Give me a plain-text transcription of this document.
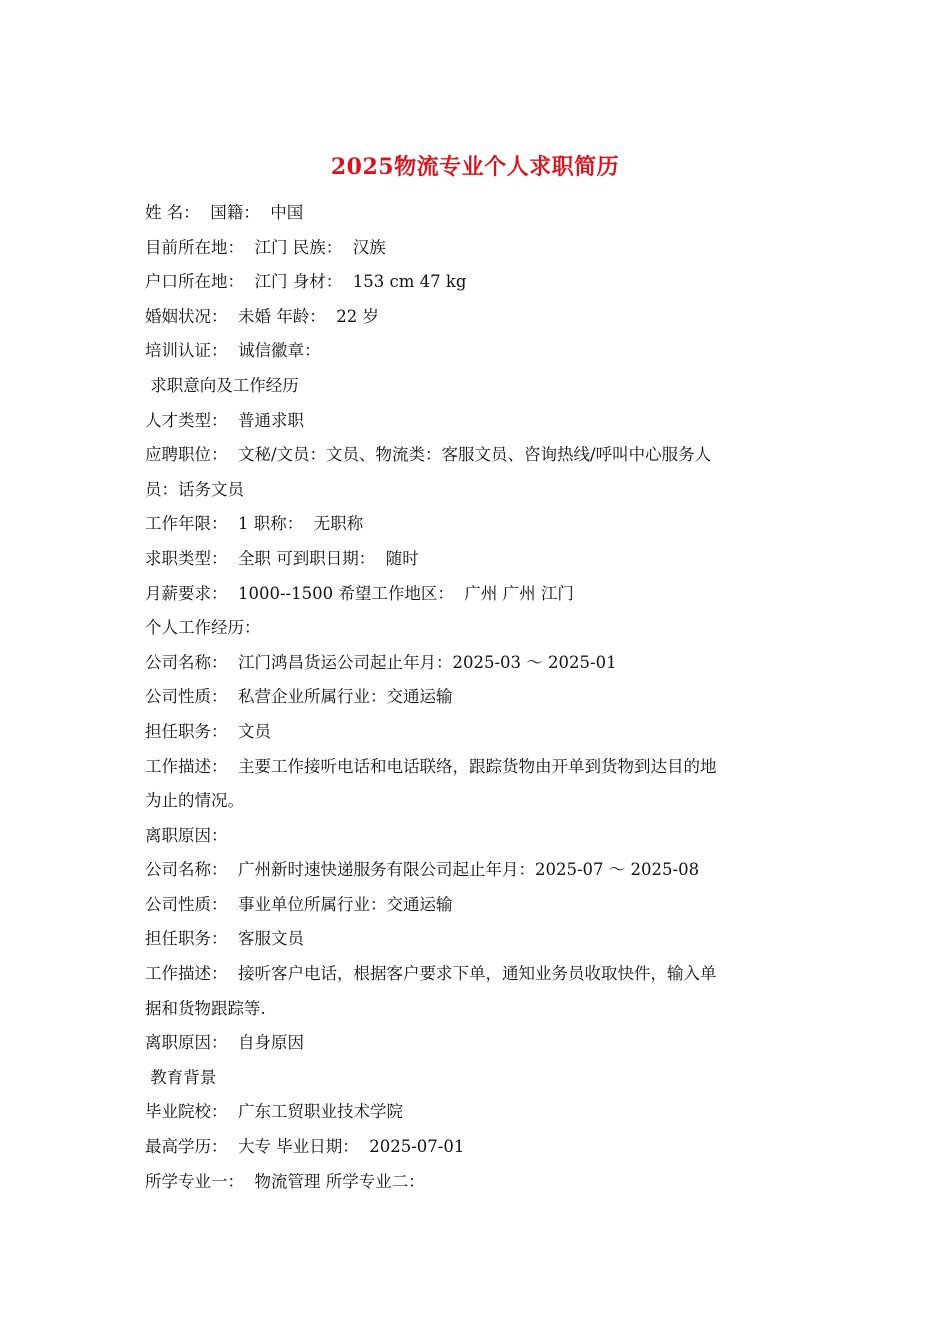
2025物流专业个人求职简历
姓 名：  国籍：  中国
目前所在地：  江门 民族：  汉族
户口所在地：  江门 身材：  153 cm 47 kg
婚姻状况：  未婚 年龄：  22 岁
培训认证：  诚信徽章：
求职意向及工作经历
人才类型：  普通求职
应聘职位：  文秘/文员：文员、物流类：客服文员、咨询热线/呼叫中心服务人
员：话务文员
工作年限：  1 职称：  无职称
求职类型：  全职 可到职日期：  随时
月薪要求：  1000--1500 希望工作地区：  广州 广州 江门
个人工作经历：
公司名称：  江门鸿昌货运公司起止年月：2025-03 ～ 2025-01
公司性质：  私营企业所属行业：交通运输
担任职务：  文员
工作描述：  主要工作接听电话和电话联络，跟踪货物由开单到货物到达目的地
为止的情况。
离职原因：
公司名称：  广州新时速快递服务有限公司起止年月：2025-07 ～ 2025-08
公司性质：  事业单位所属行业：交通运输
担任职务：  客服文员
工作描述：  接听客户电话，根据客户要求下单，通知业务员收取快件，输入单
据和货物跟踪等.
离职原因：  自身原因
教育背景
毕业院校：  广东工贸职业技术学院
最高学历：  大专 毕业日期：  2025-07-01
所学专业一：  物流管理 所学专业二：
